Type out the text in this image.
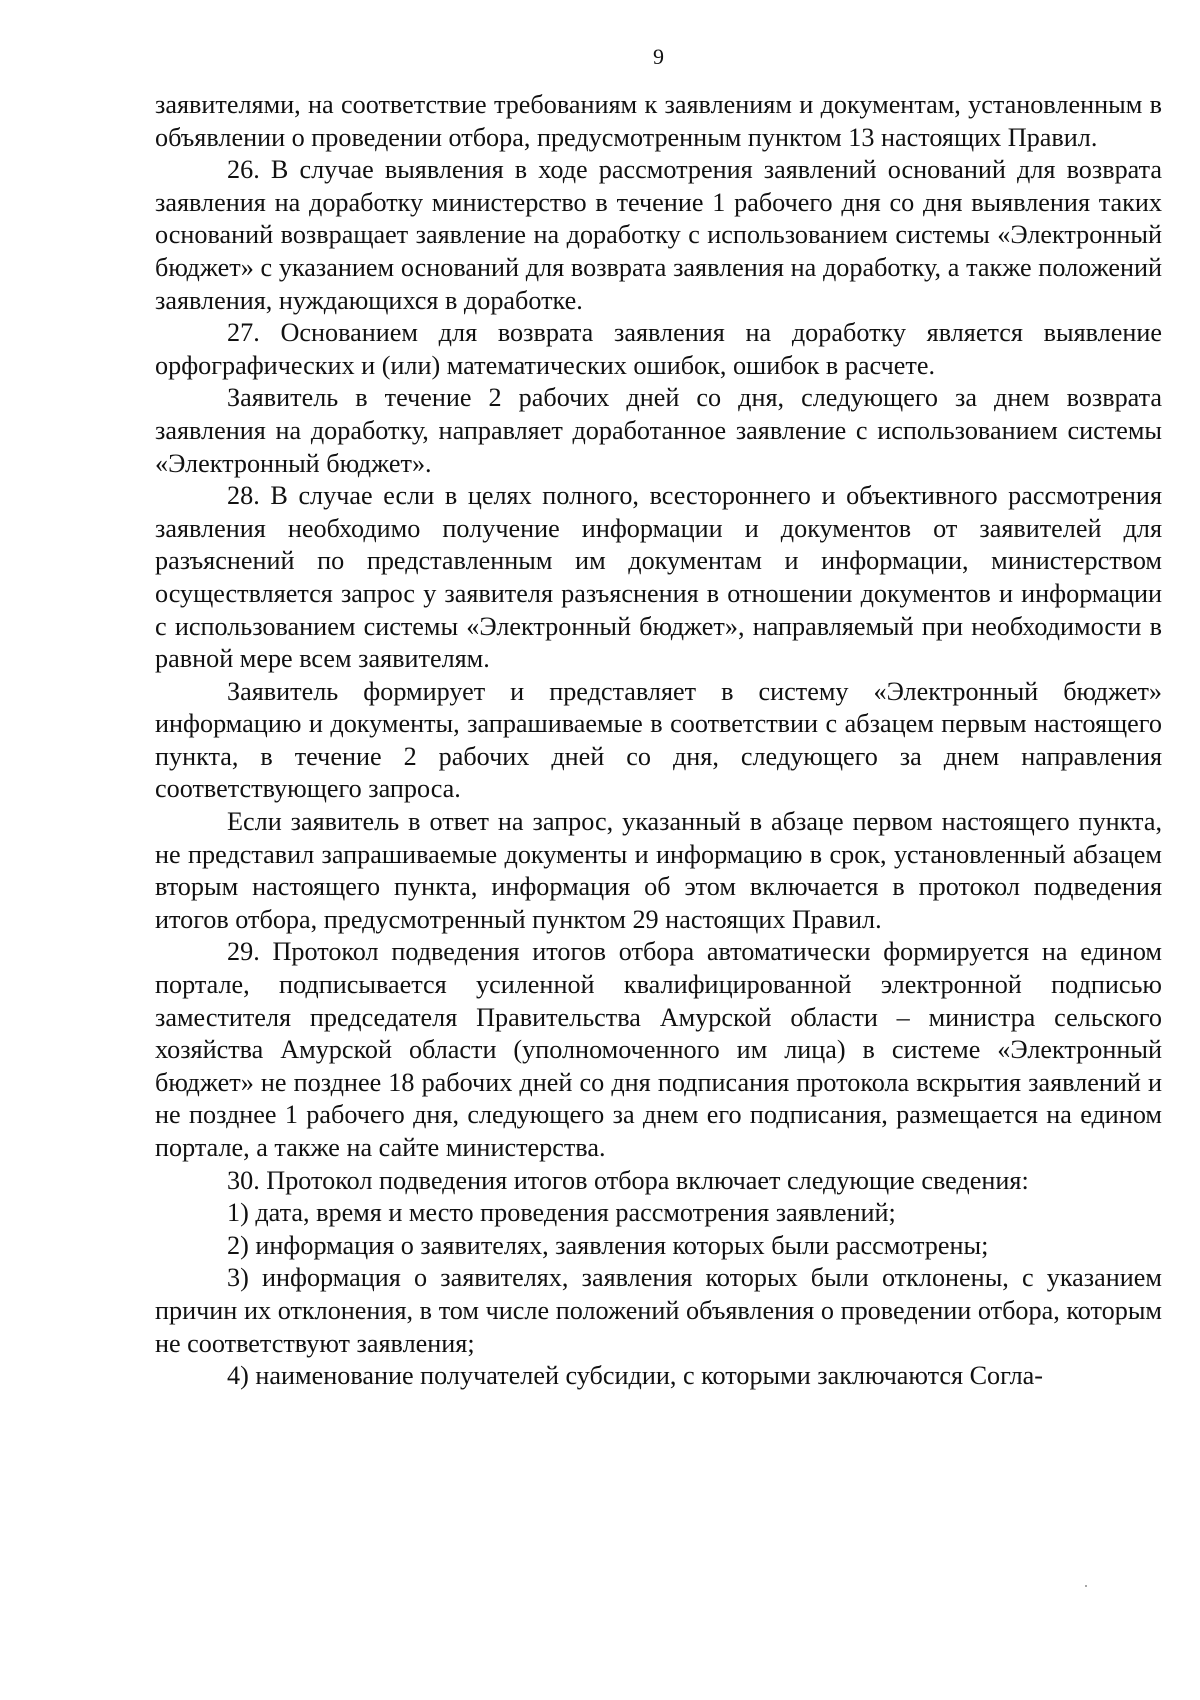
9

заявителями, на соответствие требованиям к заявлениям и документам, установленным в объявлении о проведении отбора, предусмотренным пунктом 13 настоящих Правил.

26. В случае выявления в ходе рассмотрения заявлений оснований для возврата заявления на доработку министерство в течение 1 рабочего дня со дня выявления таких оснований возвращает заявление на доработку с использованием системы «Электронный бюджет» с указанием оснований для возврата заявления на доработку, а также положений заявления, нуждающихся в доработке.

27. Основанием для возврата заявления на доработку является выявление орфографических и (или) математических ошибок, ошибок в расчете.

Заявитель в течение 2 рабочих дней со дня, следующего за днем возврата заявления на доработку, направляет доработанное заявление с использованием системы «Электронный бюджет».

28. В случае если в целях полного, всестороннего и объективного рассмотрения заявления необходимо получение информации и документов от заявителей для разъяснений по представленным им документам и информации, министерством осуществляется запрос у заявителя разъяснения в отношении документов и информации с использованием системы «Электронный бюджет», направляемый при необходимости в равной мере всем заявителям.

Заявитель формирует и представляет в систему «Электронный бюджет» информацию и документы, запрашиваемые в соответствии с абзацем первым настоящего пункта, в течение 2 рабочих дней со дня, следующего за днем направления соответствующего запроса.

Если заявитель в ответ на запрос, указанный в абзаце первом настоящего пункта, не представил запрашиваемые документы и информацию в срок, установленный абзацем вторым настоящего пункта, информация об этом включается в протокол подведения итогов отбора, предусмотренный пунктом 29 настоящих Правил.

29. Протокол подведения итогов отбора автоматически формируется на едином портале, подписывается усиленной квалифицированной электронной подписью заместителя председателя Правительства Амурской области – министра сельского хозяйства Амурской области (уполномоченного им лица) в системе «Электронный бюджет» не позднее 18 рабочих дней со дня подписания протокола вскрытия заявлений и не позднее 1 рабочего дня, следующего за днем его подписания, размещается на едином портале, а также на сайте министерства.

30. Протокол подведения итогов отбора включает следующие сведения:

1) дата, время и место проведения рассмотрения заявлений;

2) информация о заявителях, заявления которых были рассмотрены;

3) информация о заявителях, заявления которых были отклонены, с указанием причин их отклонения, в том числе положений объявления о проведении отбора, которым не соответствуют заявления;

4) наименование получателей субсидии, с которыми заключаются Согла-
